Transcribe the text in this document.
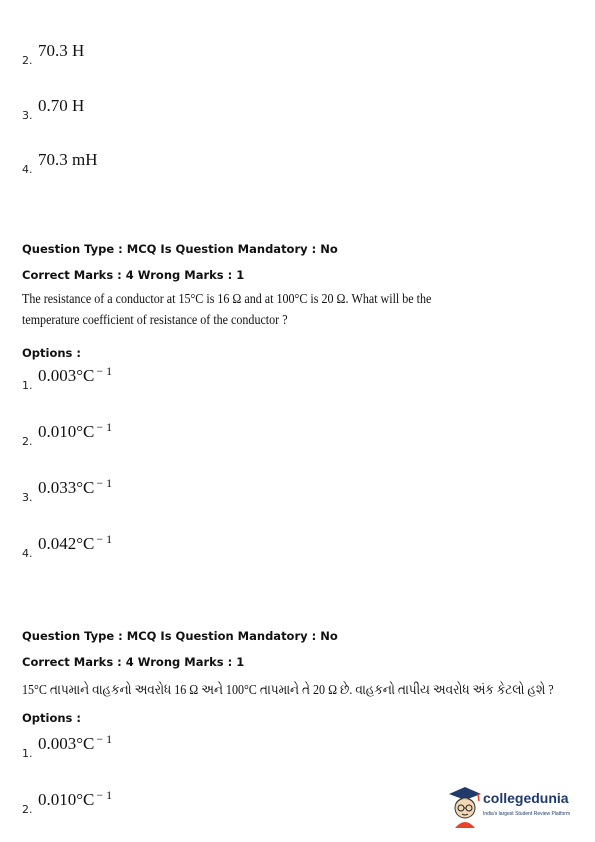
2.
70.3 H
3.
0.70 H
4.
70.3 mH
Question Type : MCQ Is Question Mandatory : No
Correct Marks : 4 Wrong Marks : 1
The resistance of a conductor at 15°C is 16 Ω and at 100°C is 20 Ω. What will be the
temperature coefficient of resistance of the conductor ?
Options :
1.
0.003°C $^{- 1}$
2.
0.010°C $^{- 1}$
3.
0.033°C $^{- 1}$
4.
0.042°C $^{- 1}$
Question Type : MCQ Is Question Mandatory : No
Correct Marks : 4 Wrong Marks : 1
15°C તાપમાને વાહકનો અવરોધ 16 Ω અને 100°C તાપમાને તે 20 Ω છે. વાહકનો તાપીય અવરોધ અંક કેટલો હશે ?
Options :
1.
0.003°C $^{- 1}$
2.
0.010°C $^{- 1}$	collegedunia
India's largest Student Review Platform
